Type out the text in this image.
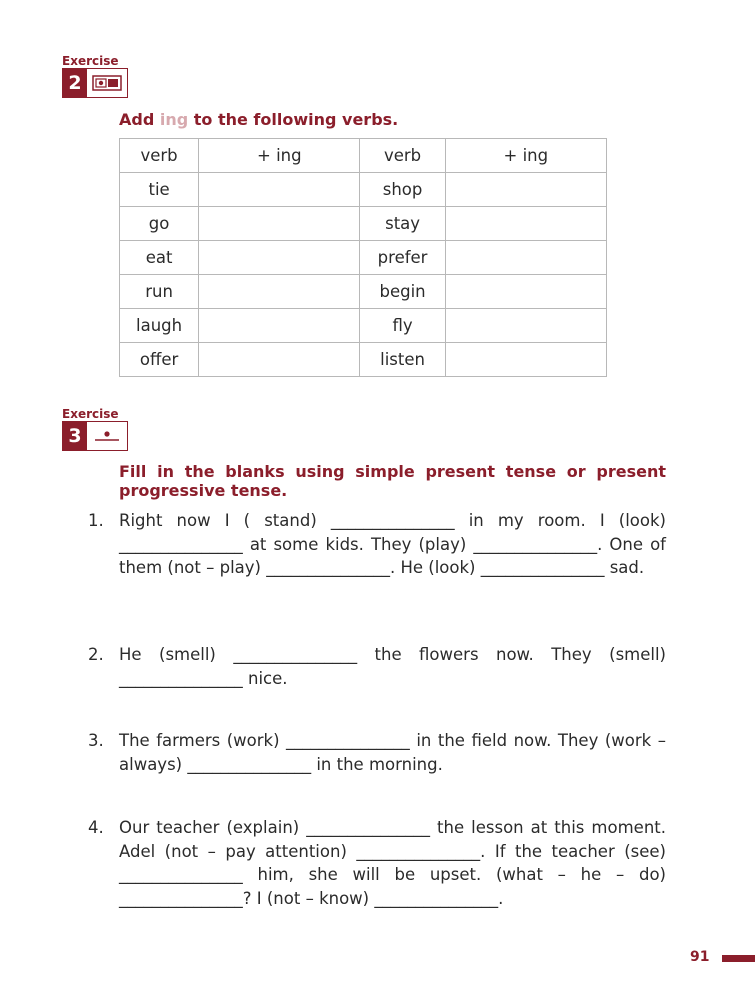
Exercise
2
Add ing to the following verbs.
verb	+ ing	verb	+ ing
tie		shop	
go		stay	
eat		prefer	
run		begin	
laugh		fly	
offer		listen	
Exercise
3
Fill in the blanks using simple present tense or present progressive tense.
1. Right now I ( stand) _______________ in my room. I (look) _______________ at some kids. They (play) _______________. One of them (not – play) _______________. He (look) _______________ sad.
2. He (smell) _______________ the flowers now. They (smell) _______________ nice.
3. The farmers (work) _______________ in the field now. They (work – always) _______________ in the morning.
4. Our teacher (explain) _______________ the lesson at this moment. Adel (not – pay attention) _______________. If the teacher (see) _______________ him, she will be upset. (what – he – do) _______________? I (not – know) _______________.
91
